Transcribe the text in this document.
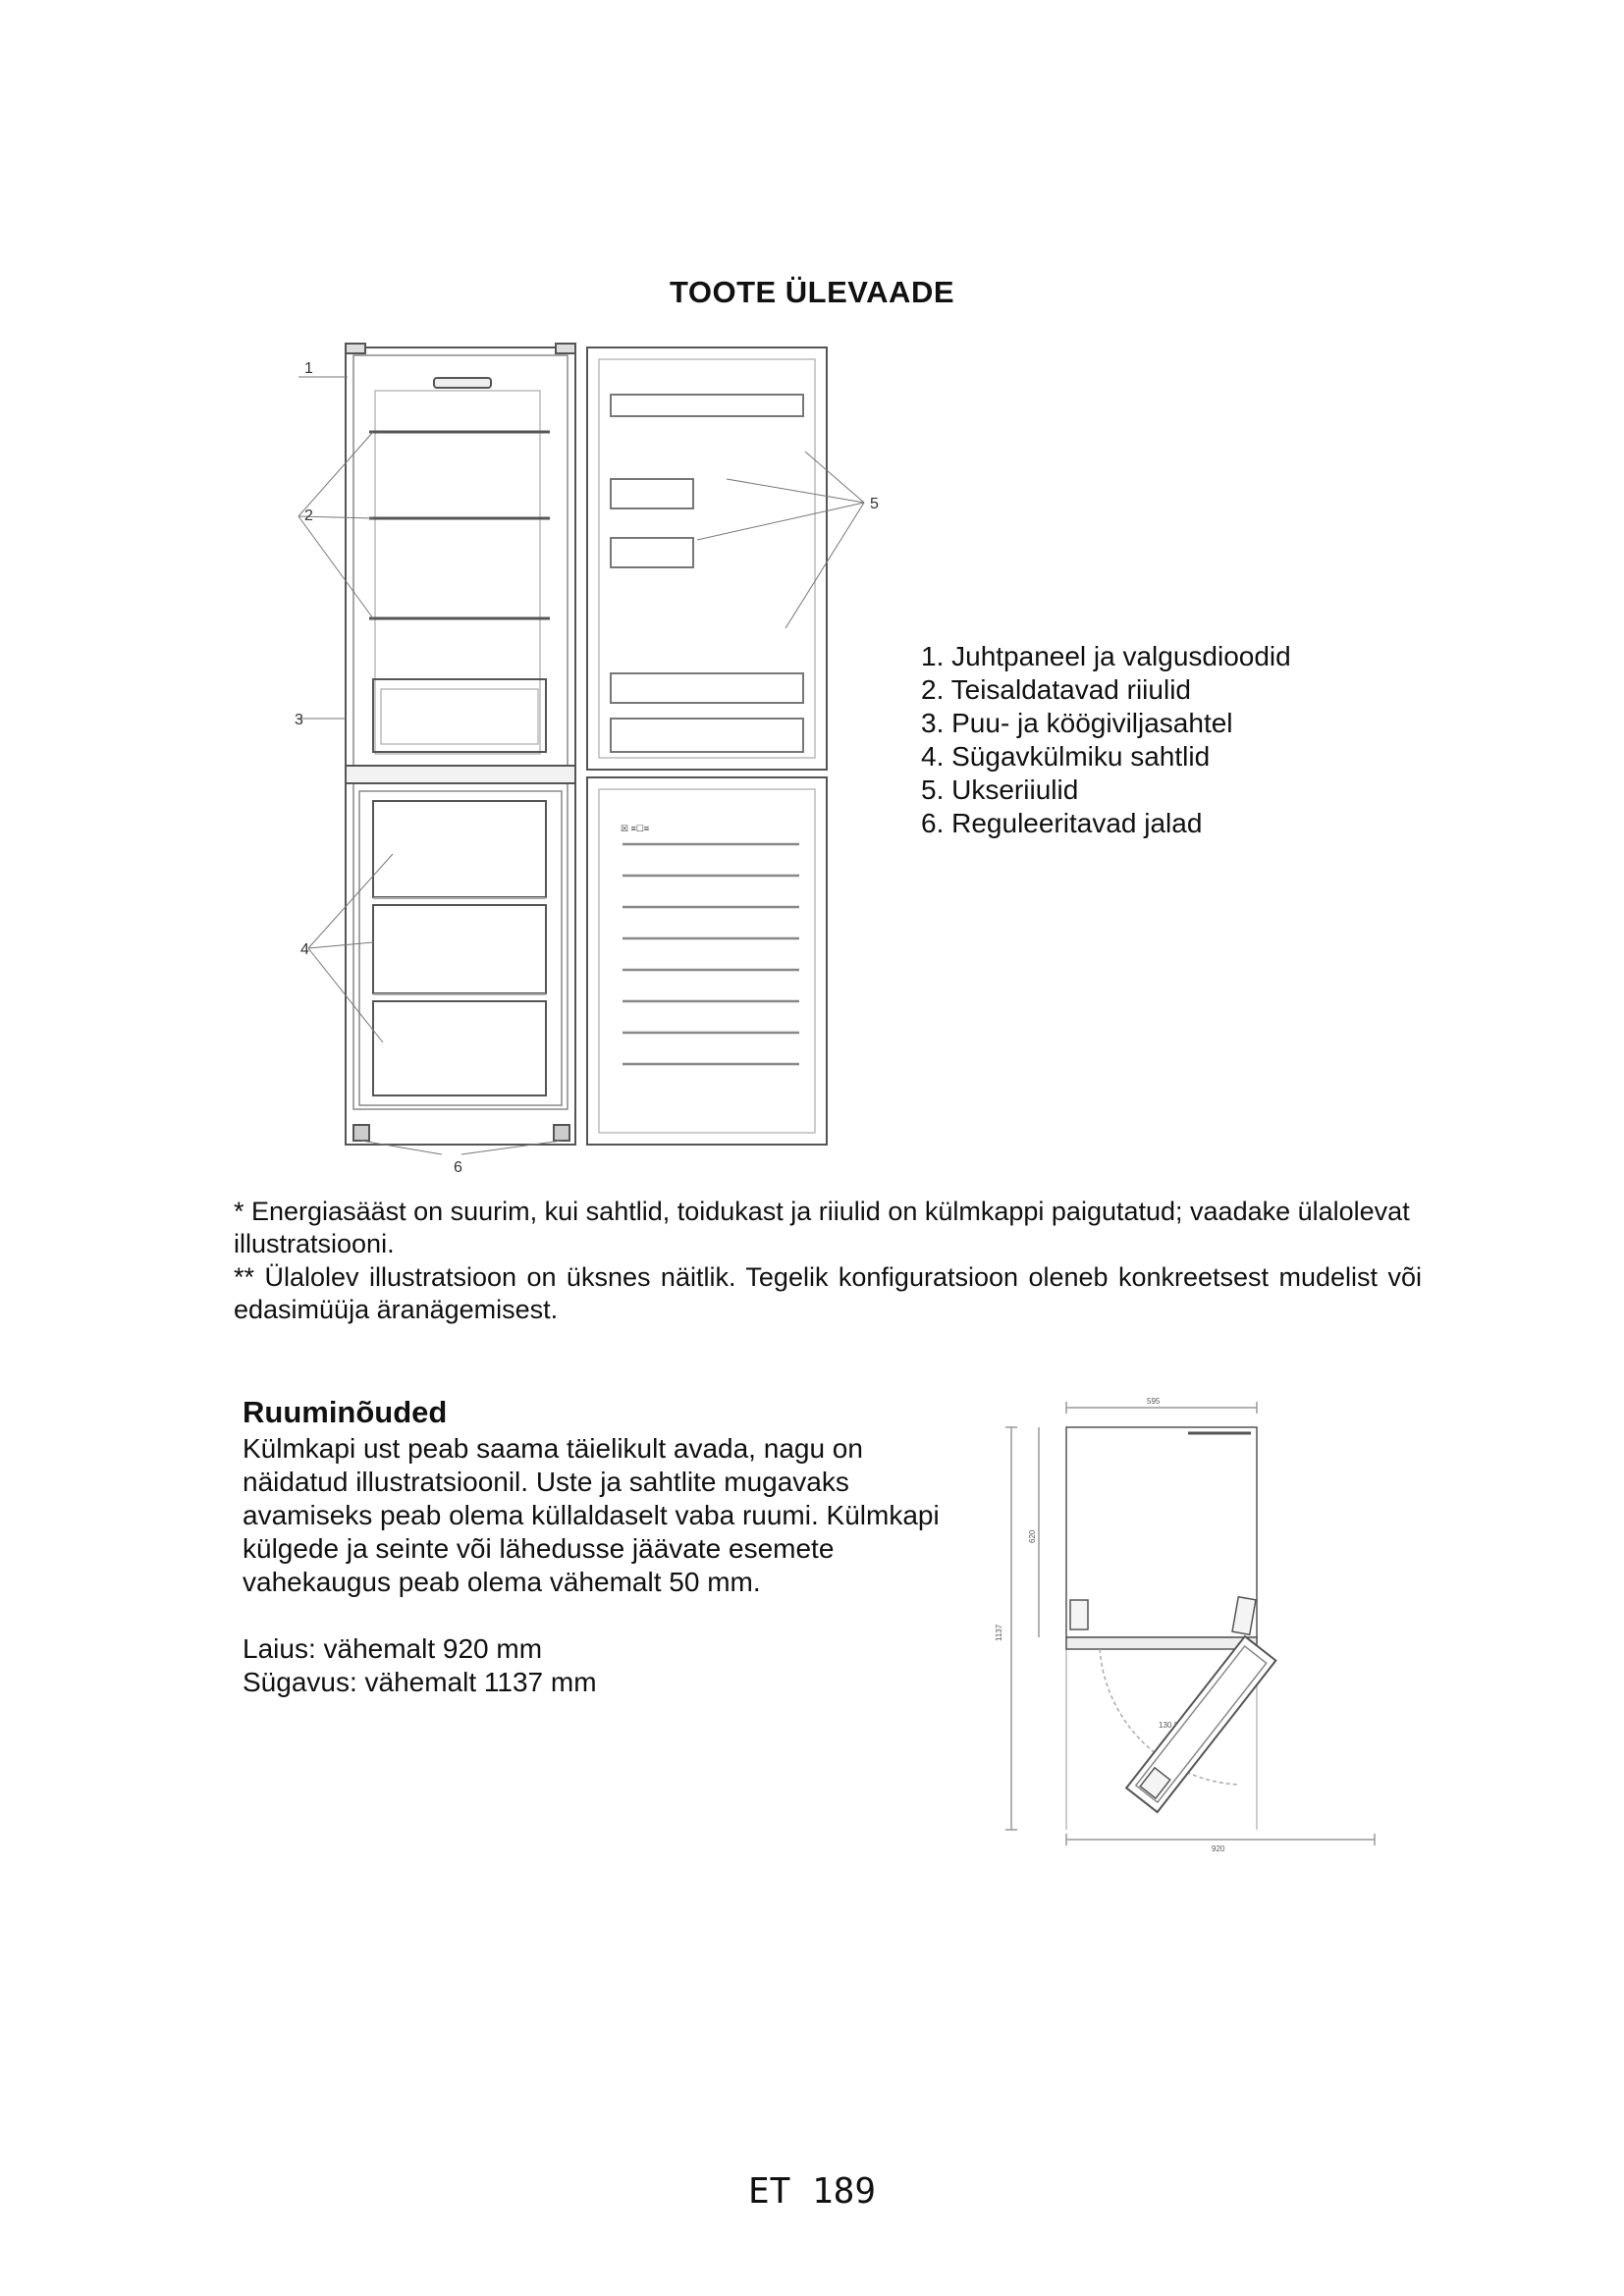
TOOTE ÜLEVAADE
1
2
3
4
5
6
☒ ≡☐≡
1. Juhtpaneel ja valgusdioodid
2. Teisaldatavad riiulid
3. Puu- ja köögiviljasahtel
4. Sügavkülmiku sahtlid
5. Ukseriiulid
6. Reguleeritavad jalad

* Energiasääst on suurim, kui sahtlid, toidukast ja riiulid on külmkappi paigutatud; vaadake ülalolevat illustratsiooni.

** Ülalolev illustratsioon on üksnes näitlik. Tegelik konfiguratsioon oleneb konkreetsest mudelist või edasimüüja äranägemisest.

Ruuminõuded
Külmkapi ust peab saama täielikult avada, nagu on näidatud illustratsioonil. Uste ja sahtlite mugavaks avamiseks peab olema küllaldaselt vaba ruumi. Külmkapi külgede ja seinte või lähedusse jäävate esemete vahekaugus peab olema vähemalt 50 mm.
Laius: vähemalt 920 mm
Sügavus: vähemalt 1137 mm
595
1137
620
920
130 °
ET 189
